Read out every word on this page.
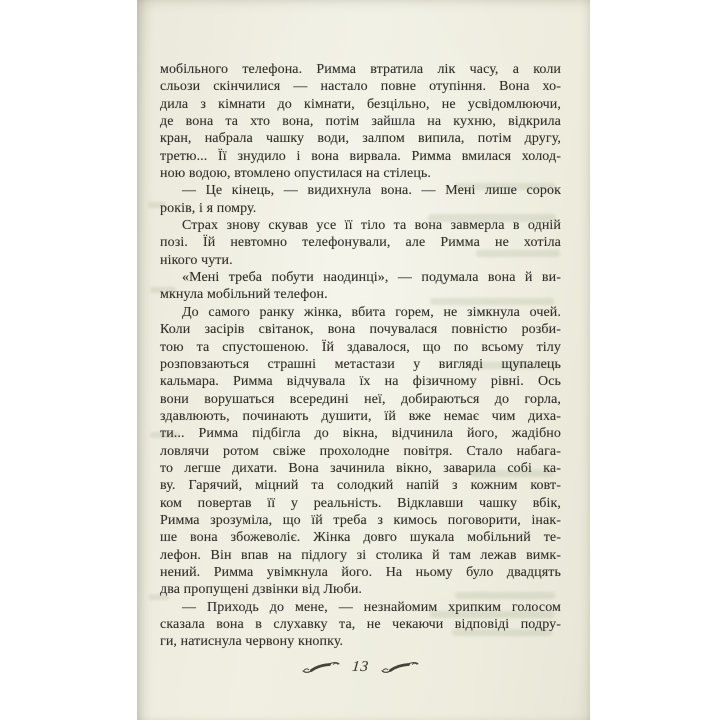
мобільного телефона. Римма втратила лік часу, а коли
сльози скінчилися — настало повне отупіння. Вона хо-
дила з кімнати до кімнати, безцільно, не усвідомлюючи,
де вона та хто вона, потім зайшла на кухню, відкрила
кран, набрала чашку води, залпом випила, потім другу,
третю... Її знудило і вона вирвала. Римма вмилася холод-
ною водою, втомлено опустилася на стілець.
— Це кінець, — видихнула вона. — Мені лише сорок
років, і я помру.
Страх знову скував усе її тіло та вона завмерла в одній
позі. Їй невтомно телефонували, але Римма не хотіла
нікого чути.
«Мені треба побути наодинці», — подумала вона й ви-
мкнула мобільний телефон.
До самого ранку жінка, вбита горем, не зімкнула очей.
Коли засірів світанок, вона почувалася повністю розби-
тою та спустошеною. Їй здавалося, що по всьому тілу
розповзаються страшні метастази у вигляді щупалець
кальмара. Римма відчувала їх на фізичному рівні. Ось
вони ворушаться всередині неї, добираються до горла,
здавлюють, починають душити, їй вже немає чим диха-
ти... Римма підбігла до вікна, відчинила його, жадібно
ловлячи ротом свіже прохолодне повітря. Стало набага-
то легше дихати. Вона зачинила вікно, заварила собі ка-
ву. Гарячий, міцний та солодкий напій з кожним ковт-
ком повертав її у реальність. Відклавши чашку вбік,
Римма зрозуміла, що їй треба з кимось поговорити, інак-
ше вона збожеволіє. Жінка довго шукала мобільний те-
лефон. Він впав на підлогу зі столика й там лежав вимк-
нений. Римма увімкнула його. На ньому було двадцять
два пропущені дзвінки від Люби.
— Приходь до мене, — незнайомим хрипким голосом
сказала вона в слухавку та, не чекаючи відповіді подру-
ги, натиснула червону кнопку.
13
